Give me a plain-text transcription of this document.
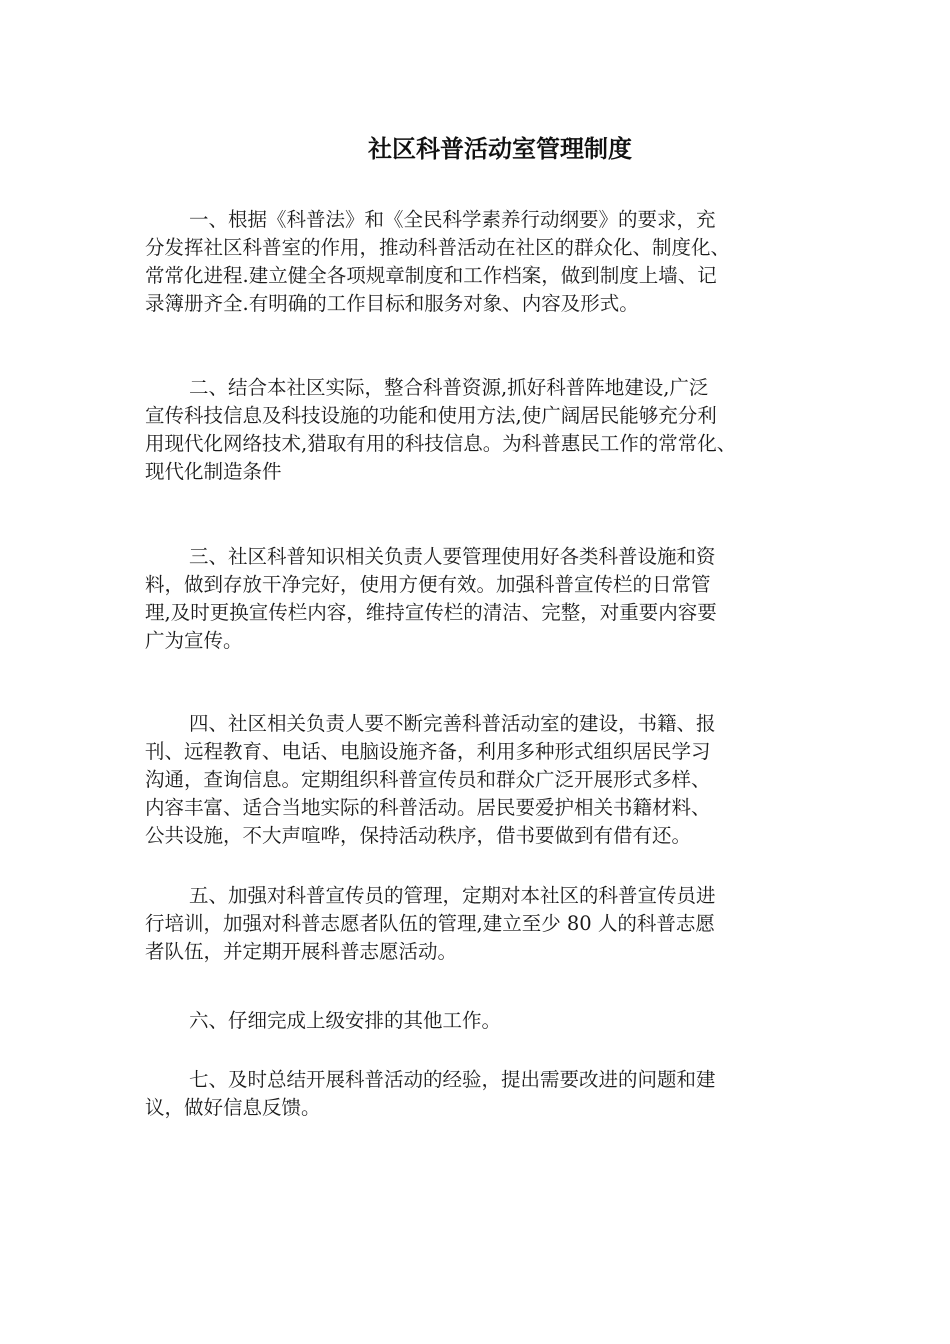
社区科普活动室管理制度
一、根据《科普法》和《全民科学素养行动纲要》的要求，充
分发挥社区科普室的作用，推动科普活动在社区的群众化、制度化、
常常化进程.建立健全各项规章制度和工作档案，做到制度上墙、记
录簿册齐全.有明确的工作目标和服务对象、内容及形式。
二、结合本社区实际，整合科普资源,抓好科普阵地建设,广泛
宣传科技信息及科技设施的功能和使用方法,使广阔居民能够充分利
用现代化网络技术,猎取有用的科技信息。为科普惠民工作的常常化、
现代化制造条件
三、社区科普知识相关负责人要管理使用好各类科普设施和资
料，做到存放干净完好，使用方便有效。加强科普宣传栏的日常管
理,及时更换宣传栏内容，维持宣传栏的清洁、完整，对重要内容要
广为宣传。
四、社区相关负责人要不断完善科普活动室的建设，书籍、报
刊、远程教育、电话、电脑设施齐备，利用多种形式组织居民学习
沟通，查询信息。定期组织科普宣传员和群众广泛开展形式多样、
内容丰富、适合当地实际的科普活动。居民要爱护相关书籍材料、
公共设施，不大声喧哗，保持活动秩序，借书要做到有借有还。
五、加强对科普宣传员的管理，定期对本社区的科普宣传员进
行培训，加强对科普志愿者队伍的管理,建立至少 80 人的科普志愿
者队伍，并定期开展科普志愿活动。
六、仔细完成上级安排的其他工作。
七、及时总结开展科普活动的经验，提出需要改进的问题和建
议，做好信息反馈。
